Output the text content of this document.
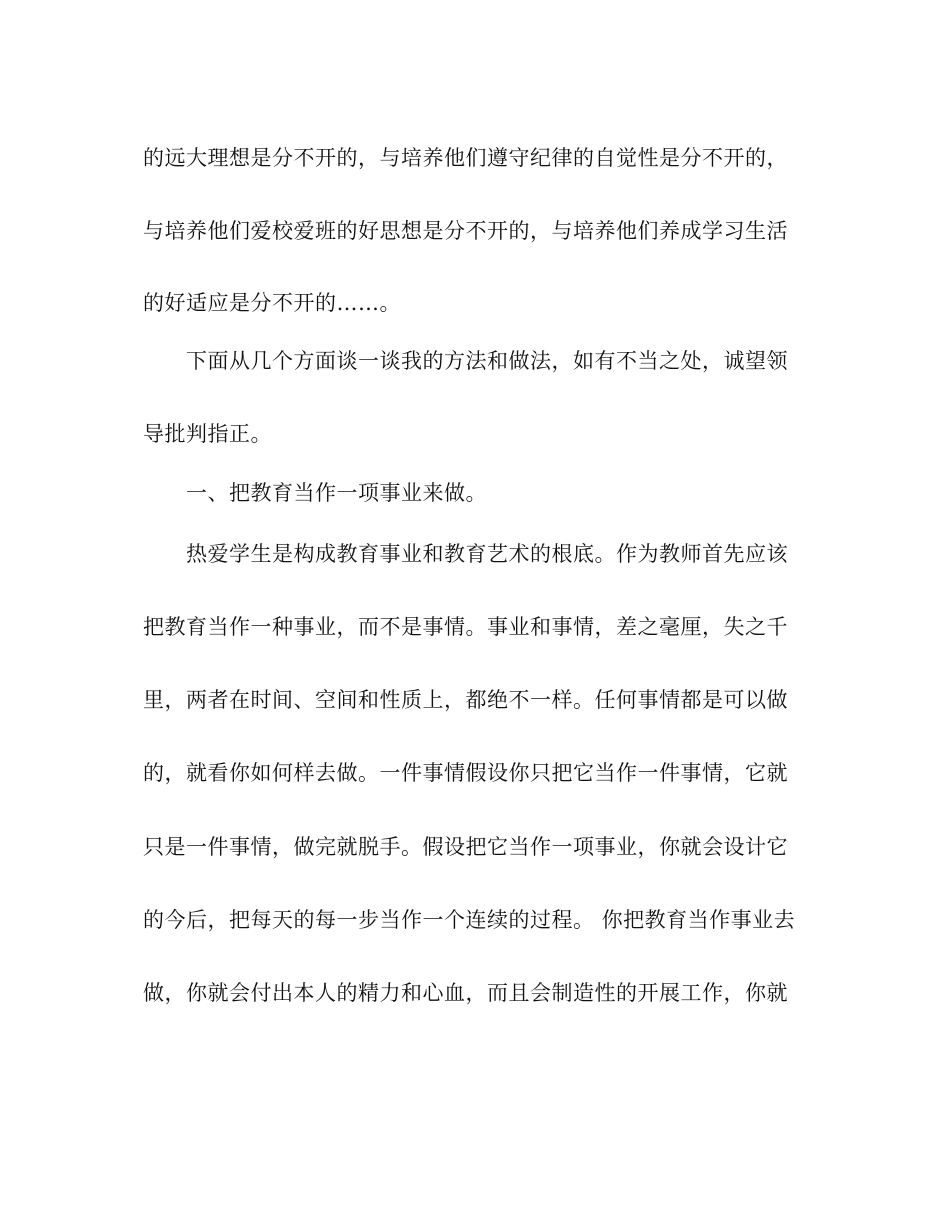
的远大理想是分不开的，与培养他们遵守纪律的自觉性是分不开的，
与培养他们爱校爱班的好思想是分不开的，与培养他们养成学习生活
的好适应是分不开的……。
下面从几个方面谈一谈我的方法和做法，如有不当之处，诚望领
导批判指正。
一、把教育当作一项事业来做。
热爱学生是构成教育事业和教育艺术的根底。作为教师首先应该
把教育当作一种事业，而不是事情。事业和事情，差之毫厘，失之千
里，两者在时间、空间和性质上，都绝不一样。任何事情都是可以做
的，就看你如何样去做。一件事情假设你只把它当作一件事情，它就
只是一件事情，做完就脱手。假设把它当作一项事业，你就会设计它
的今后，把每天的每一步当作一个连续的过程。 你把教育当作事业去
做，你就会付出本人的精力和心血，而且会制造性的开展工作，你就
